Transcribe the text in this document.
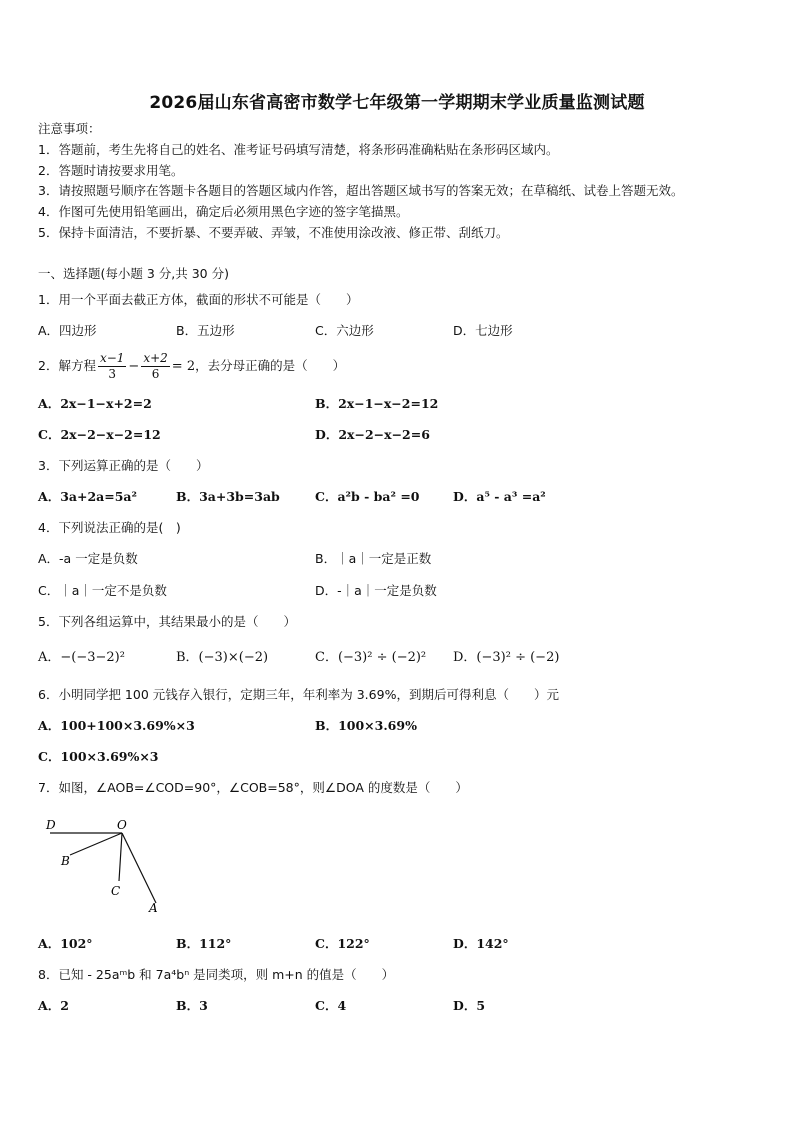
2026届山东省高密市数学七年级第一学期期末学业质量监测试题
注意事项：
1．答题前，考生先将自己的姓名、准考证号码填写清楚，将条形码准确粘贴在条形码区域内。
2．答题时请按要求用笔。
3．请按照题号顺序在答题卡各题目的答题区域内作答，超出答题区域书写的答案无效；在草稿纸、试卷上答题无效。
4．作图可先使用铅笔画出，确定后必须用黑色字迹的签字笔描黑。
5．保持卡面清洁，不要折暴、不要弄破、弄皱，不准使用涂改液、修正带、刮纸刀。
一、选择题(每小题 3 分,共 30 分)
1．用一个平面去截正方体，截面的形状不可能是（　　）
A．四边形	B．五边形	C．六边形	D．七边形
2．解方程 $\frac{x-1}{3} - \frac{x+2}{6} = 2$，去分母正确的是（　　）
A．2x−1−x+2=2	B．2x−1−x−2=12
C．2x−2−x−2=12	D．2x−2−x−2=6
3．下列运算正确的是（　　）
A．3a+2a=5a²	B．3a+3b=3ab	C．a²b - ba² =0	D．a⁵ - a³ =a²
4．下列说法正确的是(　)
A．-a 一定是负数	B．｜a｜一定是正数
C．｜a｜一定不是负数	D．-｜a｜一定是负数
5．下列各组运算中，其结果最小的是（　　）
A．−(−3−2)²	B．(−3)×(−2)	C．(−3)² ÷ (−2)² D．(−3)² ÷ (−2)
6．小明同学把 100 元钱存入银行，定期三年，年利率为 3.69%，到期后可得利息（　　）元
A．100+100×3.69%×3	B．100×3.69%
C．100×3.69%×3
7．如图，∠AOB=∠COD=90°，∠COB=58°，则∠DOA 的度数是（　　）
D	O
B
C
A
A．102°	B．112°	C．122°	D．142°
8．已知 - 25aᵐb 和 7a⁴bⁿ 是同类项，则 m+n 的值是（　　）
A．2	B．3	C．4	D．5
